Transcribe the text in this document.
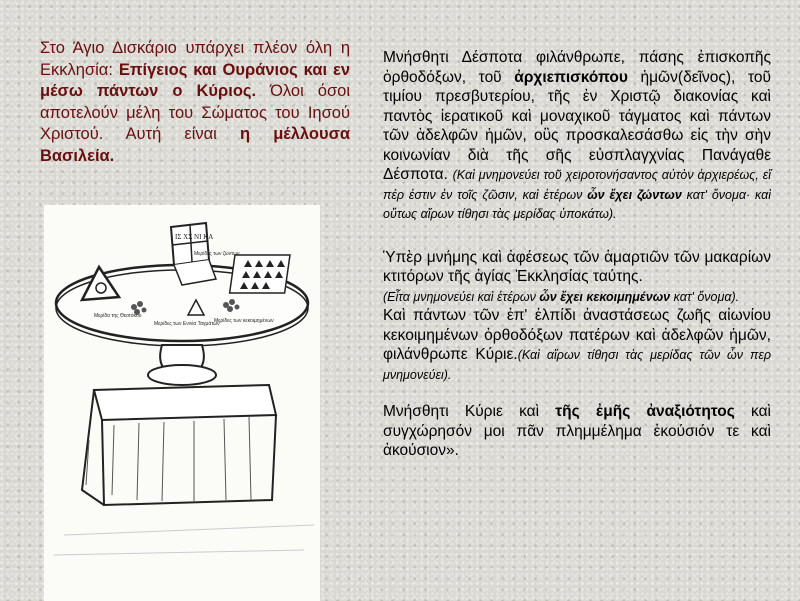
Στο Άγιο Δισκάριο υπάρχει πλέον όλη η Εκκλησία: Επίγειος και Ουράνιος και εν μέσω πάντων ο Κύριος. Όλοι όσοι αποτελούν μέλη του Σώματος του Ιησού Χριστού. Αυτή είναι η μέλλουσα Βασιλεία.
ΙΣ ΧΣ ΝΙ ΚΑ
Μερίδα της Θεοτόκου
Μερίδες των Εννέα Ταγμάτων
Μερίδες των κεκοιμημένων
Μερίδες των ζώντων

Μνήσθητι Δέσποτα φιλάνθρωπε, πάσης ἐπισκοπῆς ὀρθοδόξων, τοῦ ἀρχιεπισκόπου ἡμῶν(δεῖνος), τοῦ τιμίου πρεσβυτερίου, τῆς ἐν Χριστῷ διακονίας καὶ παντὸς ἱερατικοῦ καὶ μοναχικοῦ τάγματος καὶ πάντων τῶν ἀδελφῶν ἡμῶν, οὓς προσκαλεσάσθω εἰς τὴν σὴν κοινωνίαν διὰ τῆς σῆς εὐσπλαγχνίας Πανάγαθε Δέσποτα. (Καὶ μνημονεύει τοῦ χειροτονήσαντος αὐτὸν ἀρχιερέως, εἴ πέρ ἐστιν ἐν τοῖς ζῶσιν, καὶ ἑτέρων ὧν ἔχει ζώντων κατ' ὄνομα· καὶ οὕτως αἴρων τίθησι τὰς μερίδας ὑποκάτω).

Ὑπὲρ μνήμης καὶ ἀφέσεως τῶν ἁμαρτιῶν τῶν μακαρίων κτιτόρων τῆς ἁγίας Ἐκκλησίας ταύτης.

(Εἶτα μνημονεύει καὶ ἑτέρων ὧν ἔχει κεκοιμημένων κατ' ὄνομα).

Καὶ πάντων τῶν ἐπ' ἐλπίδι ἀναστάσεως ζωῆς αἰωνίου κεκοιμημένων ὀρθοδόξων πατέρων καὶ ἀδελφῶν ἡμῶν, φιλάνθρωπε Κύριε.(Καὶ αἴρων τίθησι τὰς μερίδας τῶν ὧν περ μνημονεύει).

Μνήσθητι Κύριε καὶ τῆς ἐμῆς ἀναξιότητος καὶ συγχώρησόν μοι πᾶν πλημμέλημα ἑκούσιόν τε καὶ ἀκούσιον».
